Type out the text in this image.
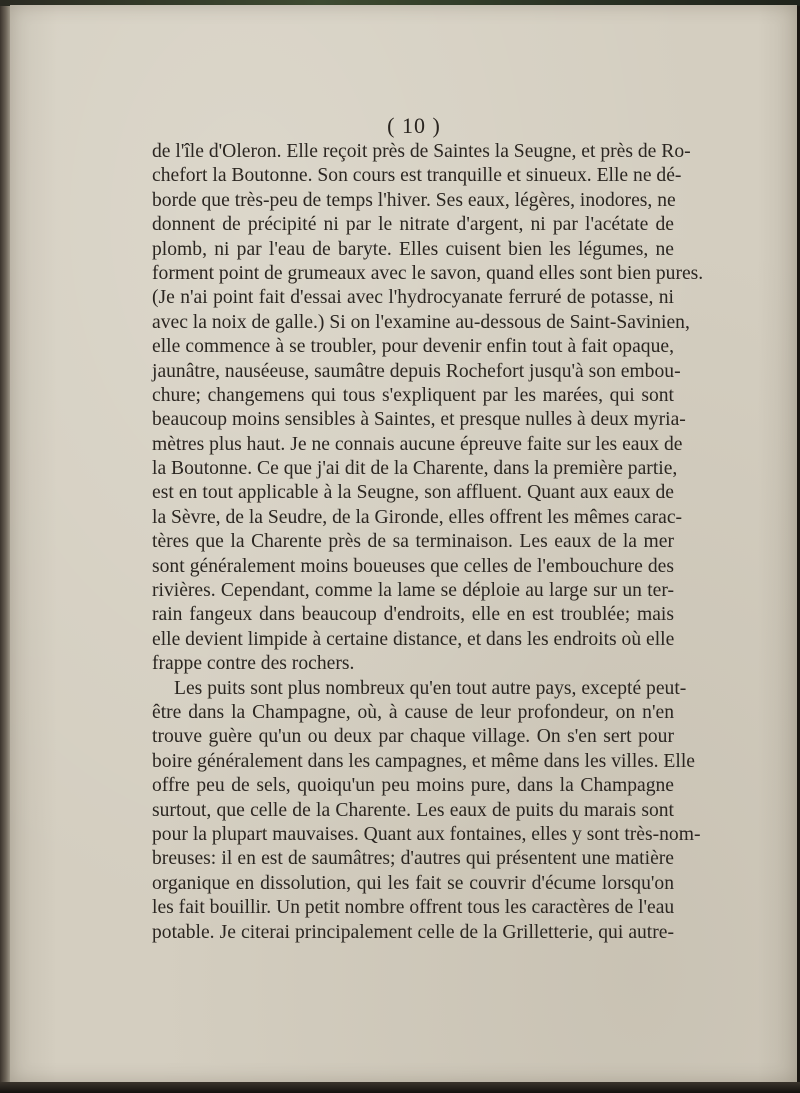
( 10 )
de l'île d'Oleron. Elle reçoit près de Saintes la Seugne, et près de Ro-
chefort la Boutonne. Son cours est tranquille et sinueux. Elle ne dé-
borde que très-peu de temps l'hiver. Ses eaux, légères, inodores, ne
donnent de précipité ni par le nitrate d'argent, ni par l'acétate de
plomb, ni par l'eau de baryte. Elles cuisent bien les légumes, ne
forment point de grumeaux avec le savon, quand elles sont bien pures.
(Je n'ai point fait d'essai avec l'hydrocyanate ferruré de potasse, ni
avec la noix de galle.) Si on l'examine au-dessous de Saint-Savinien,
elle commence à se troubler, pour devenir enfin tout à fait opaque,
jaunâtre, nauséeuse, saumâtre depuis Rochefort jusqu'à son embou-
chure; changemens qui tous s'expliquent par les marées, qui sont
beaucoup moins sensibles à Saintes, et presque nulles à deux myria-
mètres plus haut. Je ne connais aucune épreuve faite sur les eaux de
la Boutonne. Ce que j'ai dit de la Charente, dans la première partie,
est en tout applicable à la Seugne, son affluent. Quant aux eaux de
la Sèvre, de la Seudre, de la Gironde, elles offrent les mêmes carac-
tères que la Charente près de sa terminaison. Les eaux de la mer
sont généralement moins boueuses que celles de l'embouchure des
rivières. Cependant, comme la lame se déploie au large sur un ter-
rain fangeux dans beaucoup d'endroits, elle en est troublée; mais
elle devient limpide à certaine distance, et dans les endroits où elle
frappe contre des rochers.
Les puits sont plus nombreux qu'en tout autre pays, excepté peut-
être dans la Champagne, où, à cause de leur profondeur, on n'en
trouve guère qu'un ou deux par chaque village. On s'en sert pour
boire généralement dans les campagnes, et même dans les villes. Elle
offre peu de sels, quoiqu'un peu moins pure, dans la Champagne
surtout, que celle de la Charente. Les eaux de puits du marais sont
pour la plupart mauvaises. Quant aux fontaines, elles y sont très-nom-
breuses: il en est de saumâtres; d'autres qui présentent une matière
organique en dissolution, qui les fait se couvrir d'écume lorsqu'on
les fait bouillir. Un petit nombre offrent tous les caractères de l'eau
potable. Je citerai principalement celle de la Grilletterie, qui autre-
